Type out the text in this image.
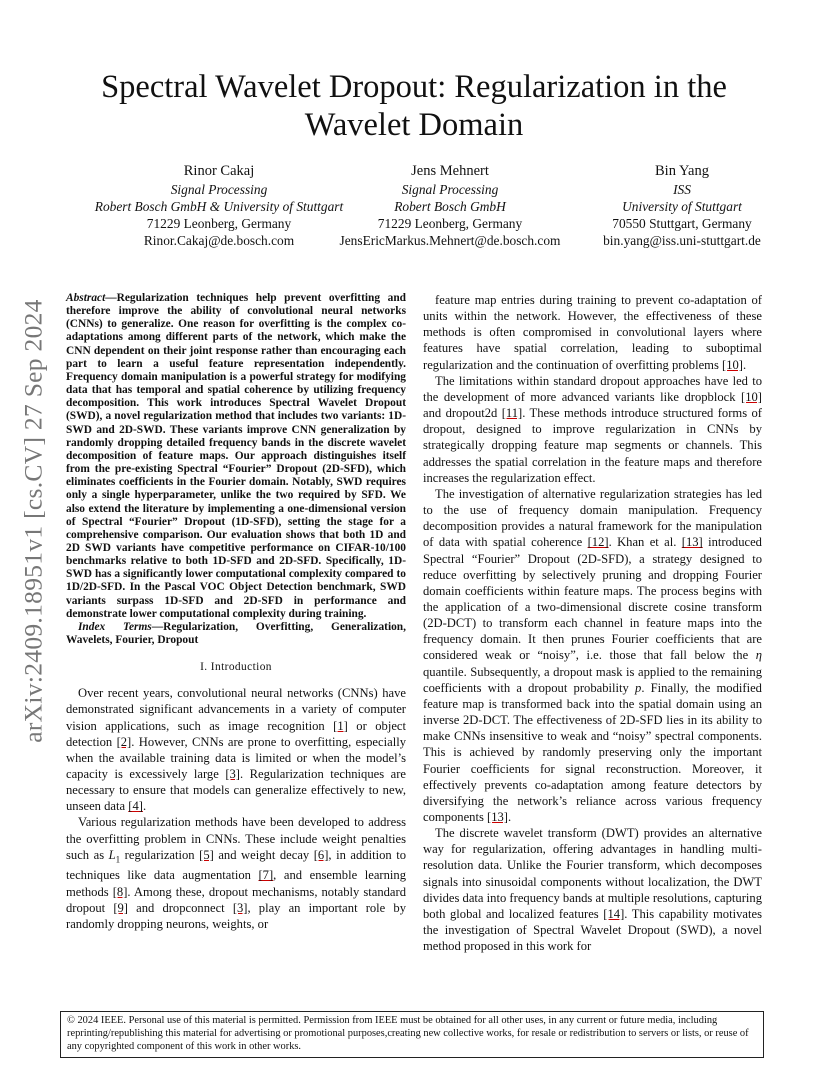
arXiv:2409.18951v1 [cs.CV] 27 Sep 2024
Spectral Wavelet Dropout: Regularization in the
Wavelet Domain
Rinor Cakaj
Signal Processing
Robert Bosch GmbH & University of Stuttgart
71229 Leonberg, Germany
Rinor.Cakaj@de.bosch.com
Jens Mehnert
Signal Processing
Robert Bosch GmbH
71229 Leonberg, Germany
JensEricMarkus.Mehnert@de.bosch.com
Bin Yang
ISS
University of Stuttgart
70550 Stuttgart, Germany
bin.yang@iss.uni-stuttgart.de

Abstract—Regularization techniques help prevent overfitting and therefore improve the ability of convolutional neural networks (CNNs) to generalize. One reason for overfitting is the complex co-adaptations among different parts of the network, which make the CNN dependent on their joint response rather than encouraging each part to learn a useful feature representation independently. Frequency domain manipulation is a powerful strategy for modifying data that has temporal and spatial coherence by utilizing frequency decomposition. This work introduces Spectral Wavelet Dropout (SWD), a novel regularization method that includes two variants: 1D-SWD and 2D-SWD. These variants improve CNN generalization by randomly dropping detailed frequency bands in the discrete wavelet decomposition of feature maps. Our approach distinguishes itself from the pre-existing Spectral “Fourier” Dropout (2D-SFD), which eliminates coefficients in the Fourier domain. Notably, SWD requires only a single hyperparameter, unlike the two required by SFD. We also extend the literature by implementing a one-dimensional version of Spectral “Fourier” Dropout (1D-SFD), setting the stage for a comprehensive comparison. Our evaluation shows that both 1D and 2D SWD variants have competitive performance on CIFAR-10/100 benchmarks relative to both 1D-SFD and 2D-SFD. Specifically, 1D-SWD has a significantly lower computational complexity compared to 1D/2D-SFD. In the Pascal VOC Object Detection benchmark, SWD variants surpass 1D-SFD and 2D-SFD in performance and demonstrate lower computational complexity during training.

Index Terms—Regularization, Overfitting, Generalization, Wavelets, Fourier, Dropout

I. Introduction

Over recent years, convolutional neural networks (CNNs) have demonstrated significant advancements in a variety of computer vision applications, such as image recognition [1] or object detection [2]. However, CNNs are prone to overfitting, especially when the available training data is limited or when the model’s capacity is excessively large [3]. Regularization techniques are necessary to ensure that models can generalize effectively to new, unseen data [4].

Various regularization methods have been developed to address the overfitting problem in CNNs. These include weight penalties such as $L_1$ regularization [5] and weight decay [6], in addition to techniques like data augmentation [7], and ensemble learning methods [8]. Among these, dropout mechanisms, notably standard dropout [9] and dropconnect [3], play an important role by randomly dropping neurons, weights, or

feature map entries during training to prevent co-adaptation of units within the network. However, the effectiveness of these methods is often compromised in convolutional layers where features have spatial correlation, leading to suboptimal regularization and the continuation of overfitting problems [10].

The limitations within standard dropout approaches have led to the development of more advanced variants like dropblock [10] and dropout2d [11]. These methods introduce structured forms of dropout, designed to improve regularization in CNNs by strategically dropping feature map segments or channels. This addresses the spatial correlation in the feature maps and therefore increases the regularization effect.

The investigation of alternative regularization strategies has led to the use of frequency domain manipulation. Frequency decomposition provides a natural framework for the manipulation of data with spatial coherence [12]. Khan et al. [13] introduced Spectral “Fourier” Dropout (2D-SFD), a strategy designed to reduce overfitting by selectively pruning and dropping Fourier domain coefficients within feature maps. The process begins with the application of a two-dimensional discrete cosine transform (2D-DCT) to transform each channel in feature maps into the frequency domain. It then prunes Fourier coefficients that are considered weak or “noisy”, i.e. those that fall below the η quantile. Subsequently, a dropout mask is applied to the remaining coefficients with a dropout probability p. Finally, the modified feature map is transformed back into the spatial domain using an inverse 2D-DCT. The effectiveness of 2D-SFD lies in its ability to make CNNs insensitive to weak and “noisy” spectral components. This is achieved by randomly preserving only the important Fourier coefficients for signal reconstruction. Moreover, it effectively prevents co-adaptation among feature detectors by diversifying the network’s reliance across various frequency components [13].

The discrete wavelet transform (DWT) provides an alternative way for regularization, offering advantages in handling multi-resolution data. Unlike the Fourier transform, which decomposes signals into sinusoidal components without localization, the DWT divides data into frequency bands at multiple resolutions, capturing both global and localized features [14]. This capability motivates the investigation of Spectral Wavelet Dropout (SWD), a novel method proposed in this work for

© 2024 IEEE. Personal use of this material is permitted. Permission from IEEE must be obtained for all other uses, in any current or future media, including reprinting/republishing this material for advertising or promotional purposes,creating new collective works, for resale or redistribution to servers or lists, or reuse of any copyrighted component of this work in other works.
